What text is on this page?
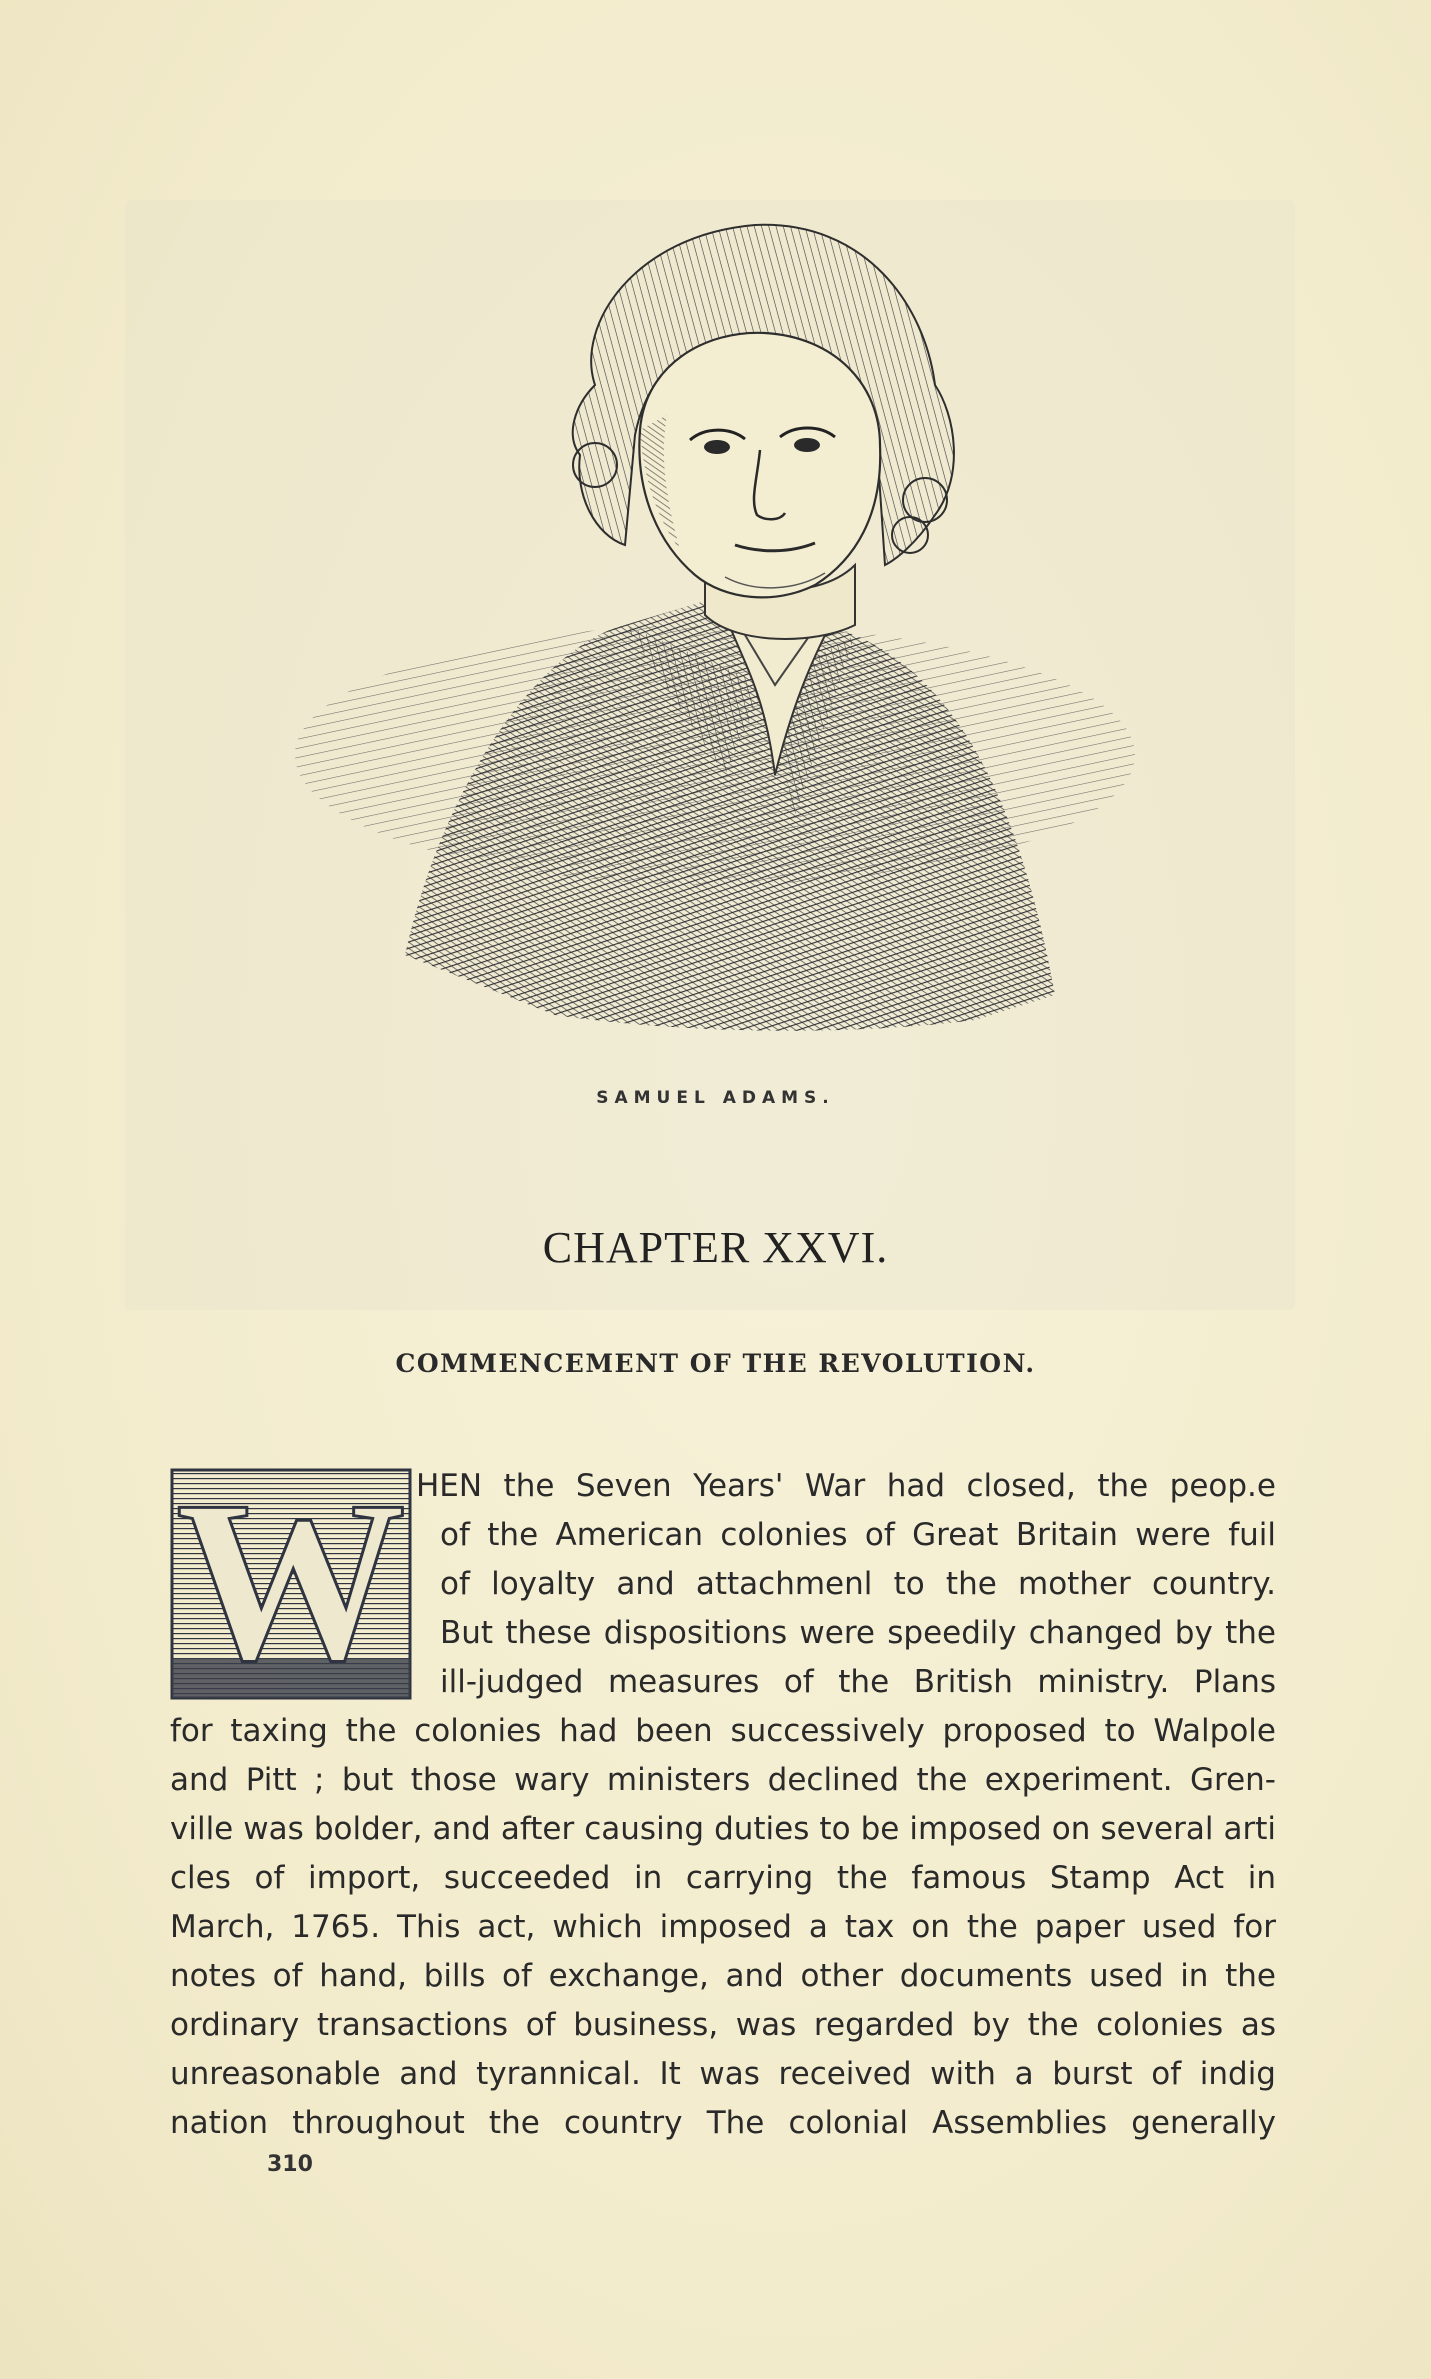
SAMUEL ADAMS.
CHAPTER XXVI.
COMMENCEMENT OF THE REVOLUTION.
W HEN the Seven Years' War had closed, the peop.e
of the American colonies of Great Britain were fuil
of loyalty and attachmenl to the mother country.
But these dispositions were speedily changed by the
ill-judged measures of the British ministry. Plans
for taxing the colonies had been successively proposed to Walpole
and Pitt ; but those wary ministers declined the experiment. Gren-
ville was bolder, and after causing duties to be imposed on several arti
cles of import, succeeded in carrying the famous Stamp Act in
March, 1765. This act, which imposed a tax on the paper used for
notes of hand, bills of exchange, and other documents used in the
ordinary transactions of business, was regarded by the colonies as
unreasonable and tyrannical. It was received with a burst of indig
nation throughout the country The colonial Assemblies generally
310
